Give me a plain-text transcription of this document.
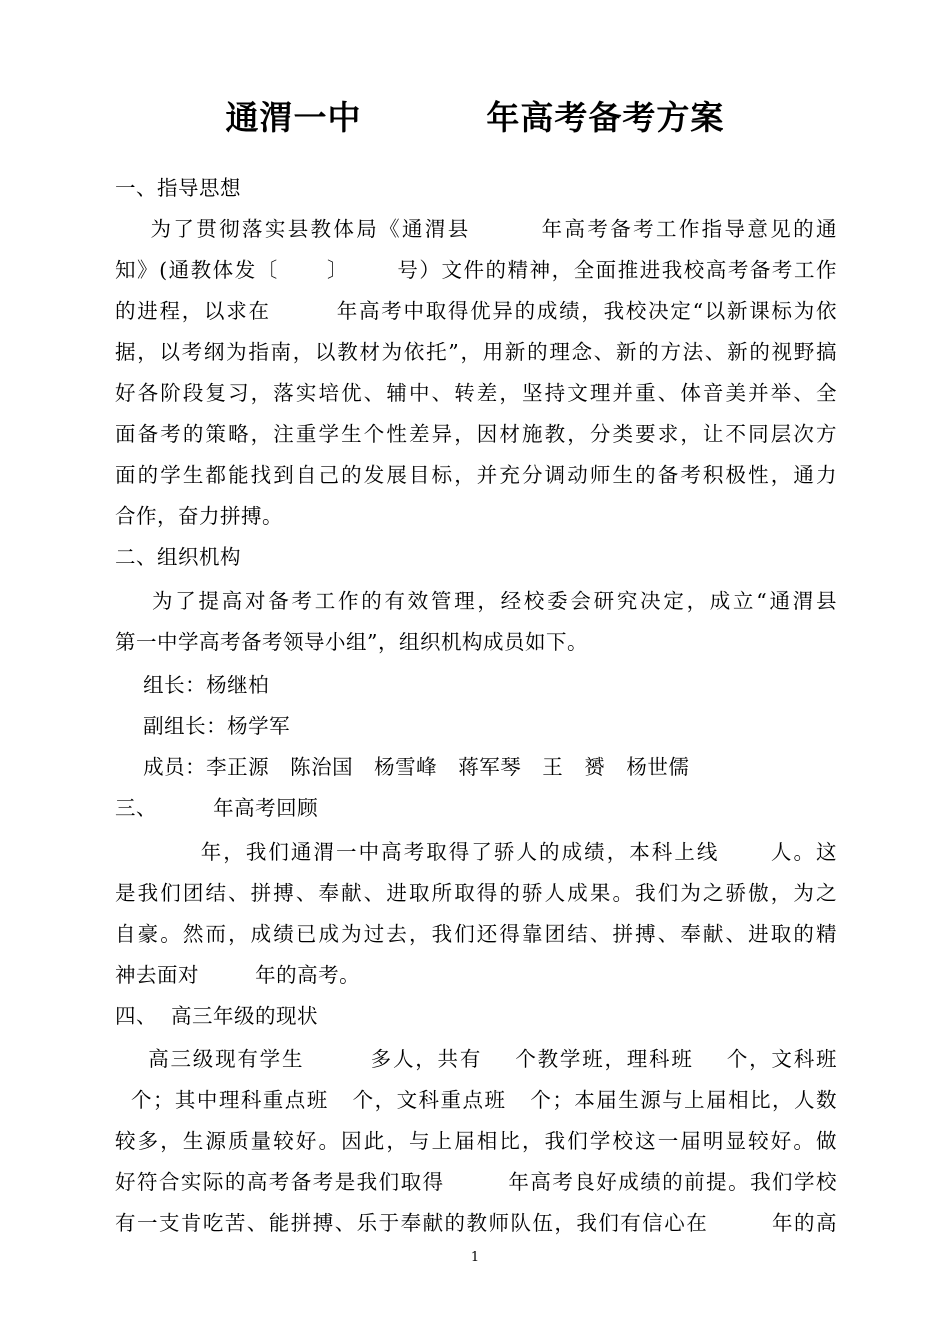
通渭一中          年高考备考方案
一、指导思想
为了贯彻落实县教体局《通渭县        年高考备考工作指导意见的通
知》(通教体发〔      〕      号）文件的精神，全面推进我校高考备考工作
的进程，以求在        年高考中取得优异的成绩，我校决定“以新课标为依
据，以考纲为指南，以教材为依托”，用新的理念、新的方法、新的视野搞
好各阶段复习，落实培优、辅中、转差，坚持文理并重、体音美并举、全
面备考的策略，注重学生个性差异，因材施教，分类要求，让不同层次方
面的学生都能找到自己的发展目标，并充分调动师生的备考积极性，通力
合作，奋力拼搏。
二、组织机构
为了提高对备考工作的有效管理，经校委会研究决定，成立“通渭县
第一中学高考备考领导小组”，组织机构成员如下。
组长：杨继柏
副组长：杨学军
成员：李正源   陈治国   杨雪峰   蒋军琴   王   赟   杨世儒
三、        年高考回顾
年，我们通渭一中高考取得了骄人的成绩，本科上线      人。这
是我们团结、拼搏、奉献、进取所取得的骄人成果。我们为之骄傲，为之
自豪。然而，成绩已成为过去，我们还得靠团结、拼搏、奉献、进取的精
神去面对        年的高考。
四、  高三年级的现状
高三级现有学生        多人，共有    个教学班，理科班    个，文科班
个；其中理科重点班   个，文科重点班   个；本届生源与上届相比，人数
较多，生源质量较好。因此，与上届相比，我们学校这一届明显较好。做
好符合实际的高考备考是我们取得        年高考良好成绩的前提。我们学校
有一支肯吃苦、能拼搏、乐于奉献的教师队伍，我们有信心在        年的高
1
